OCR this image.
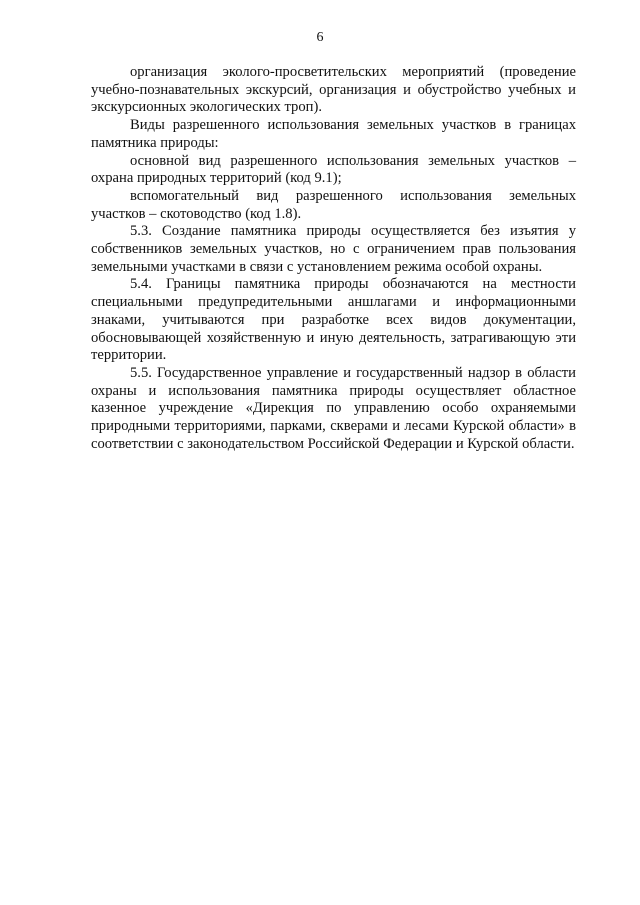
6

организация эколого-просветительских мероприятий (проведение учебно-познавательных экскурсий, организация и обустройство учебных и экскурсионных экологических троп).

Виды разрешенного использования земельных участков в границах памятника природы:

основной вид разрешенного использования земельных участков – охрана природных территорий (код 9.1);

вспомогательный вид разрешенного использования земельных участков – скотоводство (код 1.8).

5.3. Создание памятника природы осуществляется без изъятия у собственников земельных участков, но с ограничением прав пользования земельными участками в связи с установлением режима особой охраны.

5.4. Границы памятника природы обозначаются на местности специальными предупредительными аншлагами и информационными знаками, учитываются при разработке всех видов документации, обосновывающей хозяйственную и иную деятельность, затрагивающую эти территории.

5.5. Государственное управление и государственный надзор в области охраны и использования памятника природы осуществляет областное казенное учреждение «Дирекция по управлению особо охраняемыми природными территориями, парками, скверами и лесами Курской области» в соответствии с законодательством Российской Федерации и Курской области.
